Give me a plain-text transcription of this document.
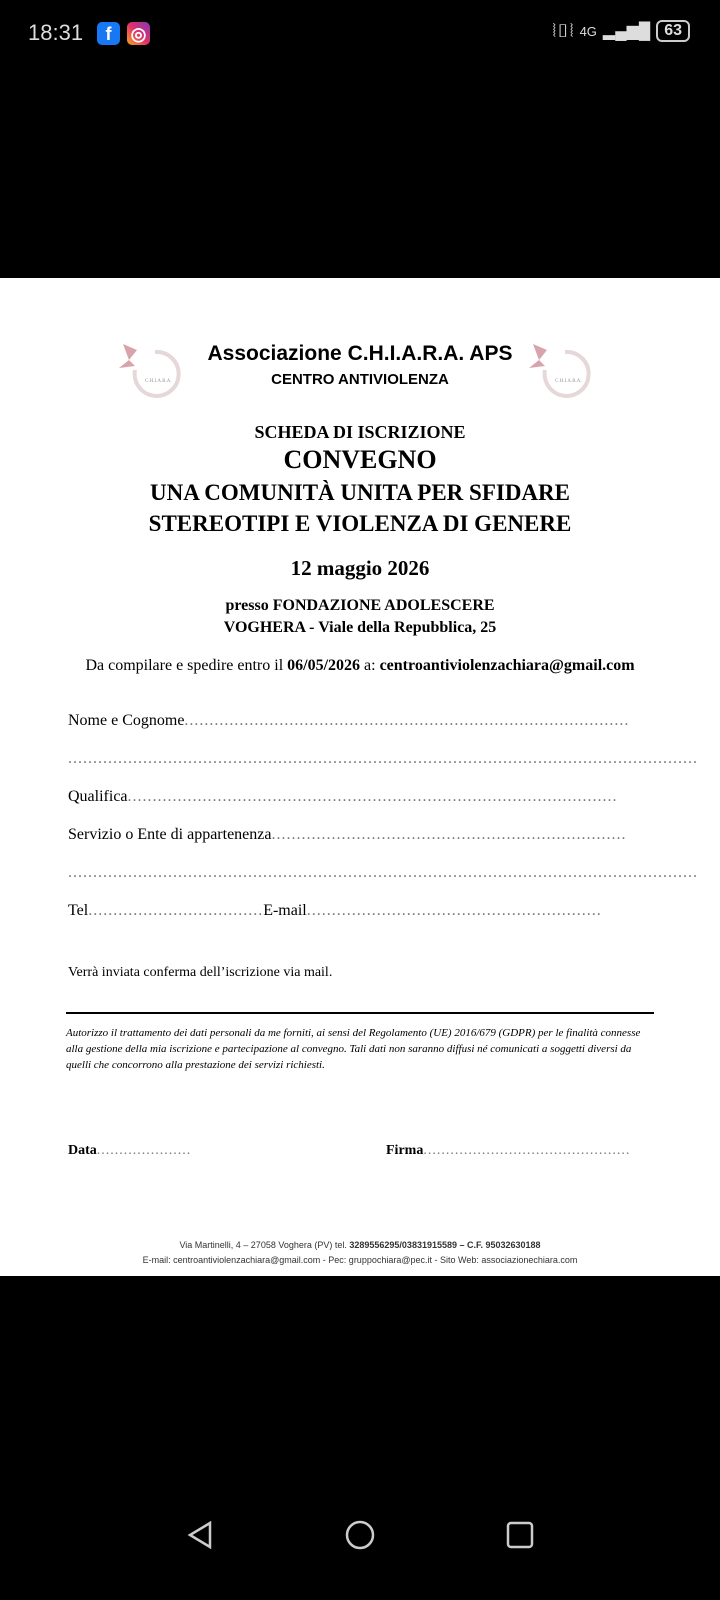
18:31	f	◎	⦚▯⦚ 4G ▂▄▆█ 63
C.H.I.A.R.A.	C.H.I.A.R.A.
Associazione C.H.I.A.R.A. APS
CENTRO ANTIVIOLENZA
SCHEDA DI ISCRIZIONE
CONVEGNO
UNA COMUNITÀ UNITA PER SFIDARE
STEREOTIPI E VIOLENZA DI GENERE
12 maggio 2026
presso FONDAZIONE ADOLESCERE
VOGHERA - Viale della Repubblica, 25
Da compilare e spedire entro il 06/05/2026 a: centroantiviolenzachiara@gmail.com
Nome e Cognome.........................................................................................
..............................................................................................................................
Qualifica..................................................................................................
Servizio o Ente di appartenenza.......................................................................
..............................................................................................................................
Tel...................................E-mail...........................................................
Verrà inviata conferma dell’iscrizione via mail.
Autorizzo il trattamento dei dati personali da me forniti, ai sensi del Regolamento (UE) 2016/679 (GDPR) per le finalità connesse alla gestione della mia iscrizione e partecipazione al convegno. Tali dati non saranno diffusi né comunicati a soggetti diversi da quelli che concorrono alla prestazione dei servizi richiesti.
Data.....................	Firma..............................................
Via Martinelli, 4 – 27058 Voghera (PV) tel. 3289556295/03831915589 – C.F. 95032630188
E-mail: centroantiviolenzachiara@gmail.com - Pec: gruppochiara@pec.it - Sito Web: associazionechiara.com
